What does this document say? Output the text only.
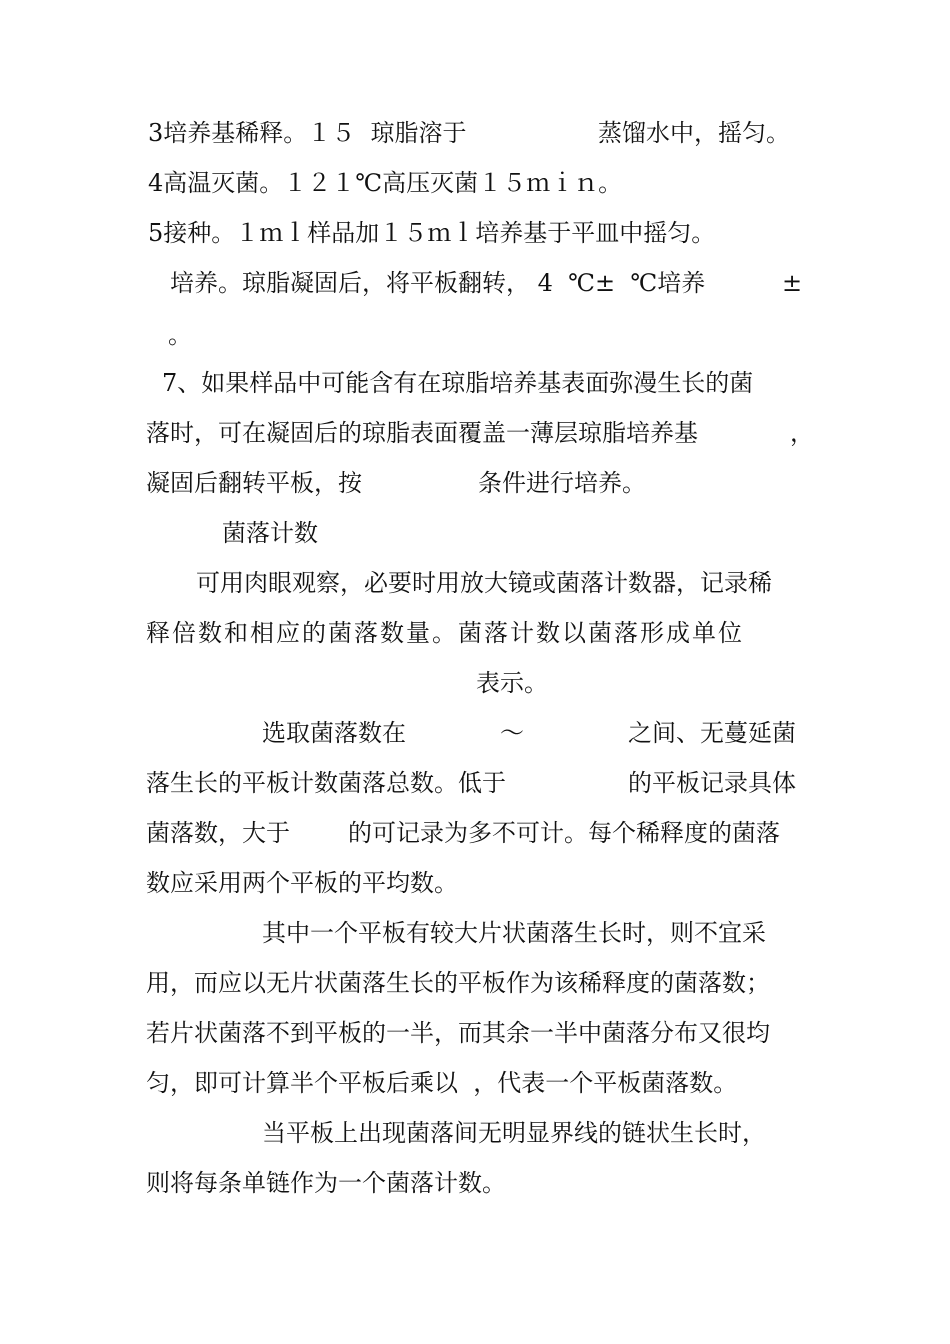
3培养基稀释。１５  琼脂溶于

	蒸馏水中，摇匀。

4高温灭菌。１２１℃高压灭菌１５ｍｉｎ。

5接种。１ｍｌ样品加１５ｍｌ培养基于平皿中摇匀。

培养。琼脂凝固后，将平板翻转， 4  ℃±  ℃培养

	±

。

7、如果样品中可能含有在琼脂培养基表面弥漫生长的菌

落时，可在凝固后的琼脂表面覆盖一薄层琼脂培养基

	，

凝固后翻转平板，按

	条件进行培养。

菌落计数

可用肉眼观察，必要时用放大镜或菌落计数器，记录稀

释倍数和相应的菌落数量。菌落计数以菌落形成单位

表示。

选取菌落数在

	～

	之间、无蔓延菌

落生长的平板计数菌落总数。低于

	的平板记录具体

菌落数，大于

的可记录为多不可计。每个稀释度的菌落

数应采用两个平板的平均数。

其中一个平板有较大片状菌落生长时，则不宜采

用，而应以无片状菌落生长的平板作为该稀释度的菌落数；

若片状菌落不到平板的一半，而其余一半中菌落分布又很均

匀，即可计算半个平板后乘以  ，代表一个平板菌落数。

当平板上出现菌落间无明显界线的链状生长时，

则将每条单链作为一个菌落计数。
